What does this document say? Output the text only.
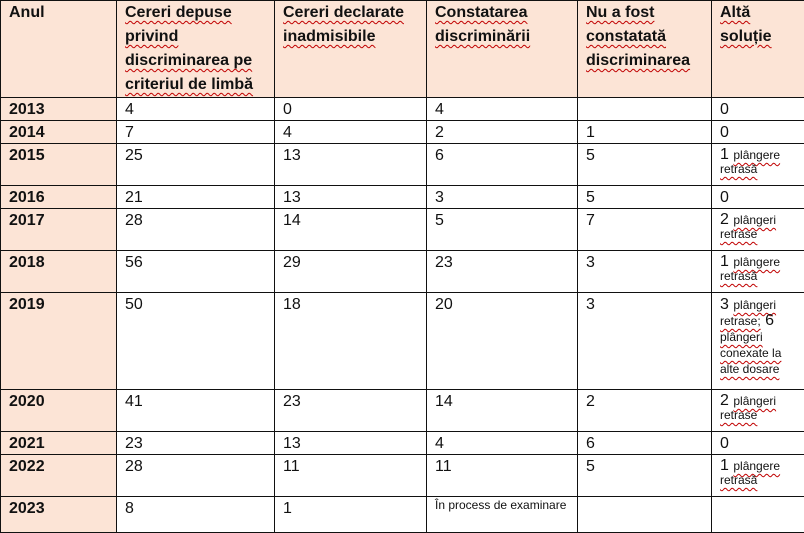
Anul	Cereri depuse privind discriminarea pe criteriul de limbă	Cereri declarate inadmisibile	Constatarea discriminării	Nu a fost constatată discriminarea	Altă soluție
2013	4	0	4		0
2014	7	4	2	1	0
2015	25	13	6	5	1 plângere retrasă
2016	21	13	3	5	0
2017	28	14	5	7	2 plângeri retrase
2018	56	29	23	3	1 plângere retrasă
2019	50	18	20	3	3 plângeri retrase; 6 plângeri conexate la alte dosare
2020	41	23	14	2	2 plângeri retrase
2021	23	13	4	6	0
2022	28	11	11	5	1 plângere retrasă
2023	8	1	În process de examinare		
